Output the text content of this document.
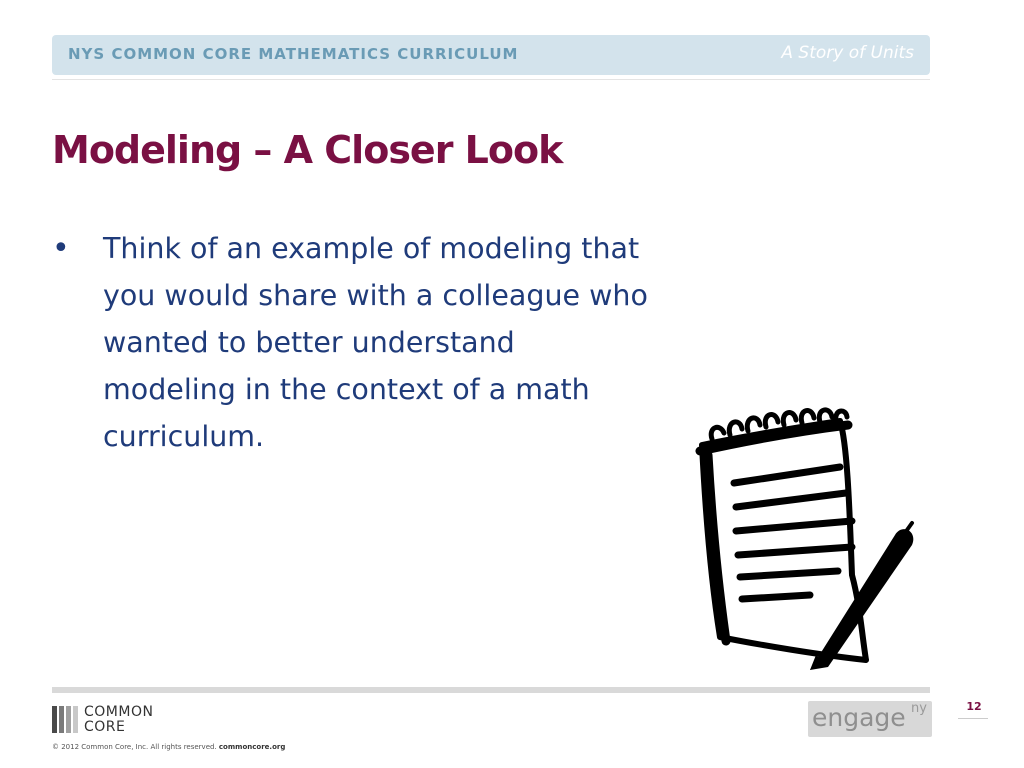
NYS COMMON CORE MATHEMATICS CURRICULUM	A Story of Units
Modeling – A Closer Look
•	Think of an example of modeling that you would share with a colleague who wanted to better understand modeling in the context of a math curriculum.
COMMON
CORE
© 2012 Common Core, Inc. All rights reserved. commoncore.org
engage ny	12
